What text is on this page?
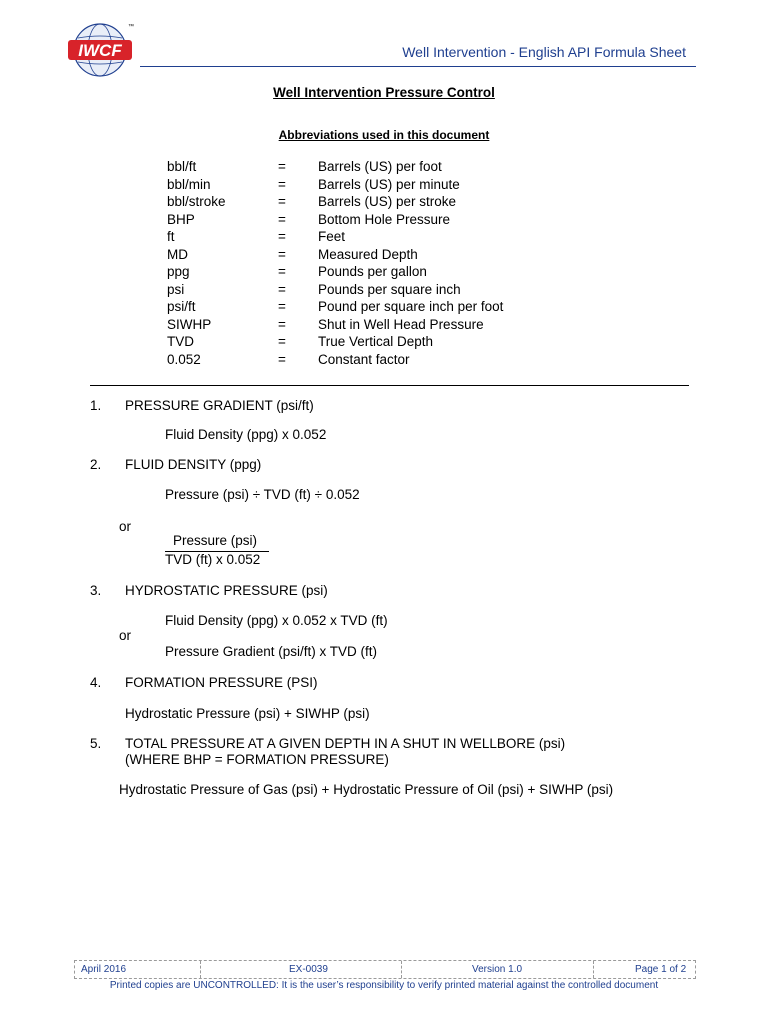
IWCF
™
Well Intervention - English API Formula Sheet
Well Intervention Pressure Control
Abbreviations used in this document
bbl/ft	= Barrels (US) per foot
bbl/min	= Barrels (US) per minute
bbl/stroke	= Barrels (US) per stroke
BHP	= Bottom Hole Pressure
ft	= Feet
MD	= Measured Depth
ppg	= Pounds per gallon
psi	= Pounds per square inch
psi/ft	= Pound per square inch per foot
SIWHP	= Shut in Well Head Pressure
TVD	= True Vertical Depth
0.052	= Constant factor
1. PRESSURE GRADIENT (psi/ft)
Fluid Density (ppg) x 0.052
2. FLUID DENSITY (ppg)
Pressure (psi) ÷ TVD (ft) ÷ 0.052
or
Pressure (psi)
TVD (ft) x 0.052
3. HYDROSTATIC PRESSURE (psi)
Fluid Density (ppg) x 0.052 x TVD (ft)
or
Pressure Gradient (psi/ft) x TVD (ft)
4. FORMATION PRESSURE (PSI)
Hydrostatic Pressure (psi) + SIWHP (psi)
5. TOTAL PRESSURE AT A GIVEN DEPTH IN A SHUT IN WELLBORE (psi)
(WHERE BHP = FORMATION PRESSURE)
Hydrostatic Pressure of Gas (psi) + Hydrostatic Pressure of Oil (psi) + SIWHP (psi)
April 2016	EX-0039	Version 1.0	Page 1 of 2
Printed copies are UNCONTROLLED: It is the user’s responsibility to verify printed material against the controlled document
